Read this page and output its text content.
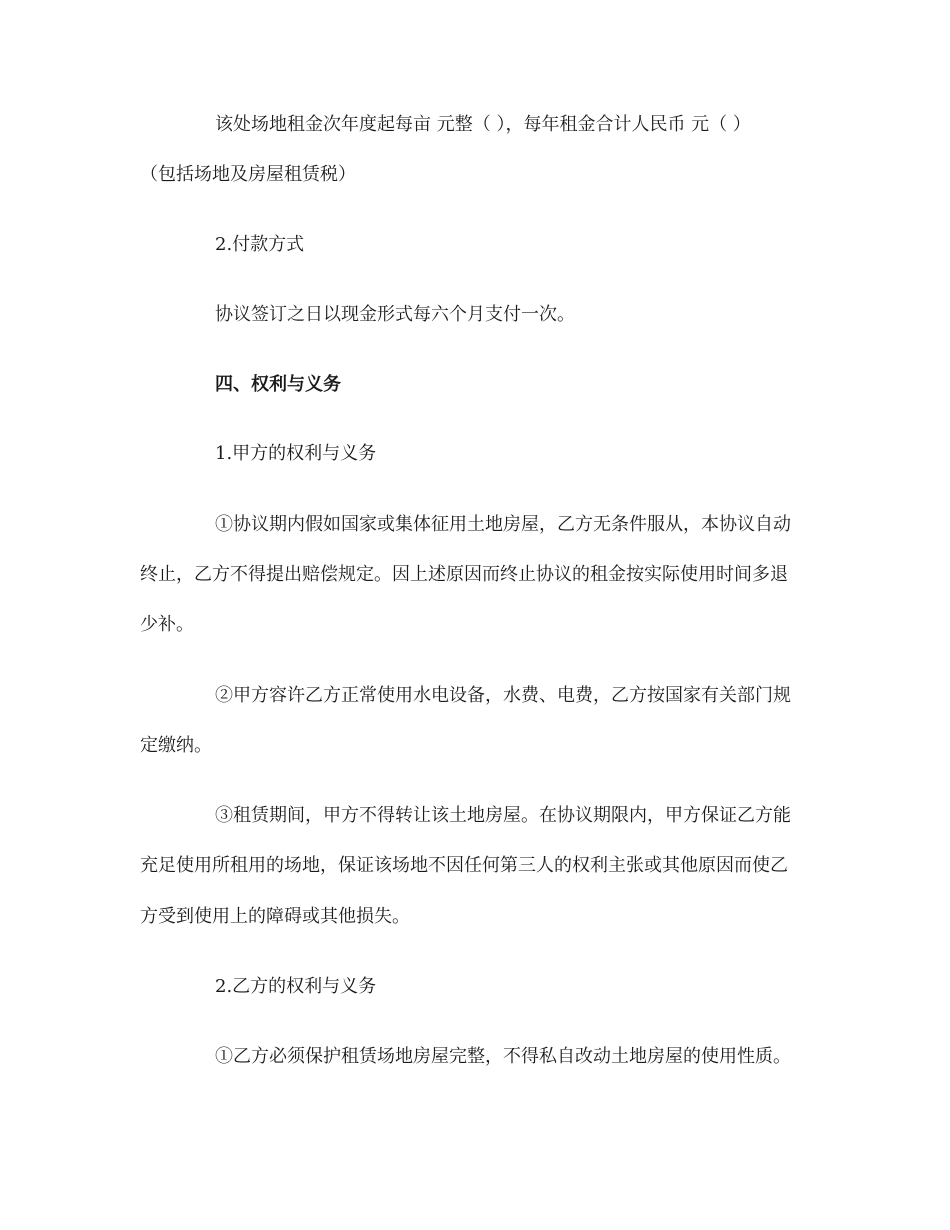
该处场地租金次年度起每亩 元整（ ），每年租金合计人民币 元（ ）
（包括场地及房屋租赁税）
2.付款方式
协议签订之日以现金形式每六个月支付一次。
四、权利与义务
1.甲方的权利与义务
①协议期内假如国家或集体征用土地房屋，乙方无条件服从，本协议自动
终止，乙方不得提出赔偿规定。因上述原因而终止协议的租金按实际使用时间多退
少补。
②甲方容许乙方正常使用水电设备，水费、电费，乙方按国家有关部门规
定缴纳。
③租赁期间，甲方不得转让该土地房屋。在协议期限内，甲方保证乙方能
充足使用所租用的场地，保证该场地不因任何第三人的权利主张或其他原因而使乙
方受到使用上的障碍或其他损失。
2.乙方的权利与义务
①乙方必须保护租赁场地房屋完整，不得私自改动土地房屋的使用性质。
